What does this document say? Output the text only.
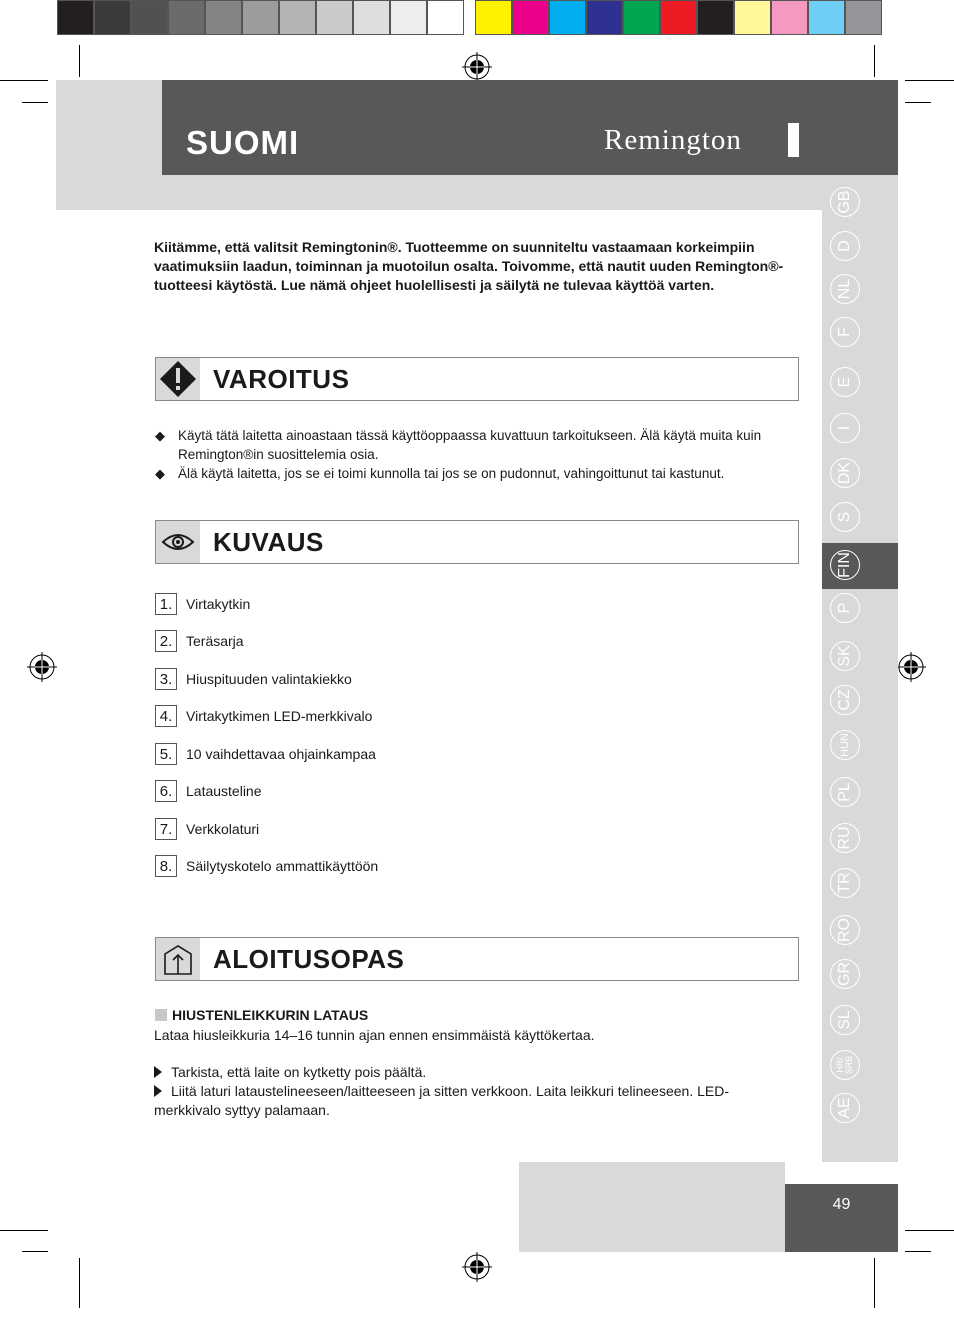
SUOMI	Remington
GB
D
NL
F
E
I
DK
S
FIN
P
SK
CZ
HUN
PL
RU
TR
RO
GR
SL
HR/
SRB
AE
Kiitämme, että valitsit Remingtonin®. Tuotteemme on suunniteltu vastaamaan korkeimpiin vaatimuksiin laadun, toiminnan ja muotoilun osalta. Toivomme, että nautit uuden Remington®-tuotteesi käytöstä. Lue nämä ohjeet huolellisesti ja säilytä ne tulevaa käyttöä varten.
VAROITUS
◆ Käytä tätä laitetta ainoastaan tässä käyttöoppaassa kuvattuun tarkoitukseen. Älä käytä muita kuin Remington®in suosittelemia osia.
◆ Älä käytä laitetta, jos se ei toimi kunnolla tai jos se on pudonnut, vahingoittunut tai kastunut.
KUVAUS
1. Virtakytkin
2. Teräsarja
3. Hiuspituuden valintakiekko
4. Virtakytkimen LED-merkkivalo
5. 10 vaihdettavaa ohjainkampaa
6. Latausteline
7. Verkkolaturi
8. Säilytyskotelo ammattikäyttöön
ALOITUSOPAS
HIUSTENLEIKKURIN LATAUS
Lataa hiusleikkuria 14–16 tunnin ajan ennen ensimmäistä käyttökertaa.
Tarkista, että laite on kytketty pois päältä.
Liitä laturi lataustelineeseen/laitteeseen ja sitten verkkoon. Laita leikkuri telineeseen. LED-merkkivalo syttyy palamaan.
49
